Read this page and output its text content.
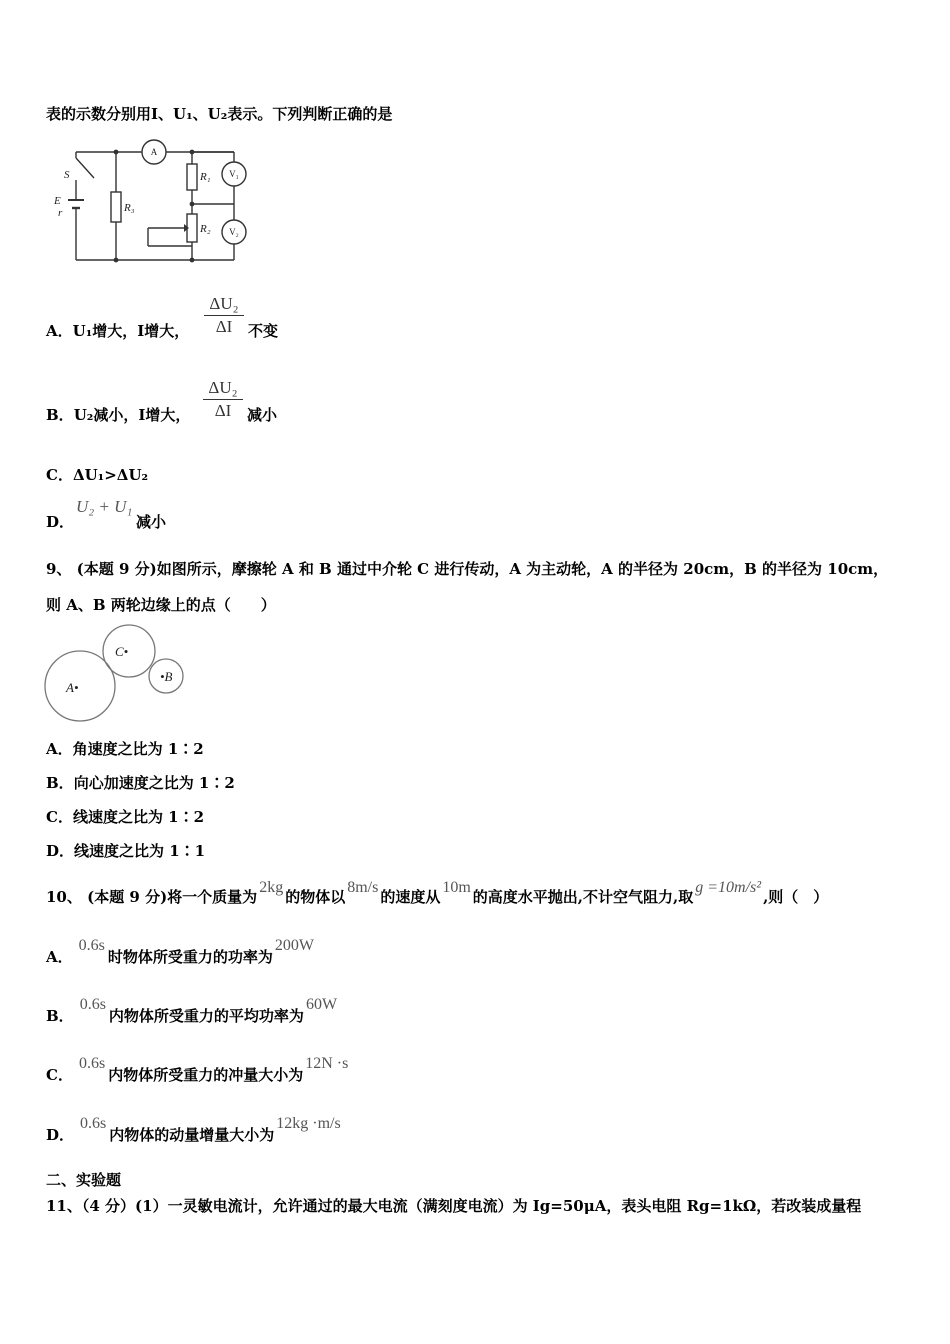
表的示数分别用I、U₁、U₂表示。下列判断正确的是
S
E
r	R₃
R₁
R₂
A
V₁
V₂
A．U₁增大，I增大，
ΔU₂
ΔI	不变
B．U₂减小，I增大，
ΔU₂
ΔI	减小
C．ΔU₁>ΔU₂
D．
U₂ + U₁
减小
9、 (本题 9 分)如图所示，摩擦轮 A 和 B 通过中介轮 C 进行传动，A 为主动轮，A 的半径为 20cm，B 的半径为 10cm，
则 A、B 两轮边缘上的点（　　）
A•
C•
•B
A．角速度之比为 1∶2
B．向心加速度之比为 1∶2
C．线速度之比为 1∶2
D．线速度之比为 1∶1
10、 (本题 9 分)将一个质量为2kg的物体以8m/s的速度从10m的高度水平抛出,不计空气阻力,取g =10m/s²,则（　）
A．0.6s时物体所受重力的功率为200W
B．0.6s内物体所受重力的平均功率为60W
C．0.6s内物体所受重力的冲量大小为12N ·s
D．0.6s内物体的动量增量大小为12kg ·m/s
二、实验题
11、（4 分）(1）一灵敏电流计，允许通过的最大电流（满刻度电流）为 Ig=50μA，表头电阻 Rg=1kΩ，若改装成量程
